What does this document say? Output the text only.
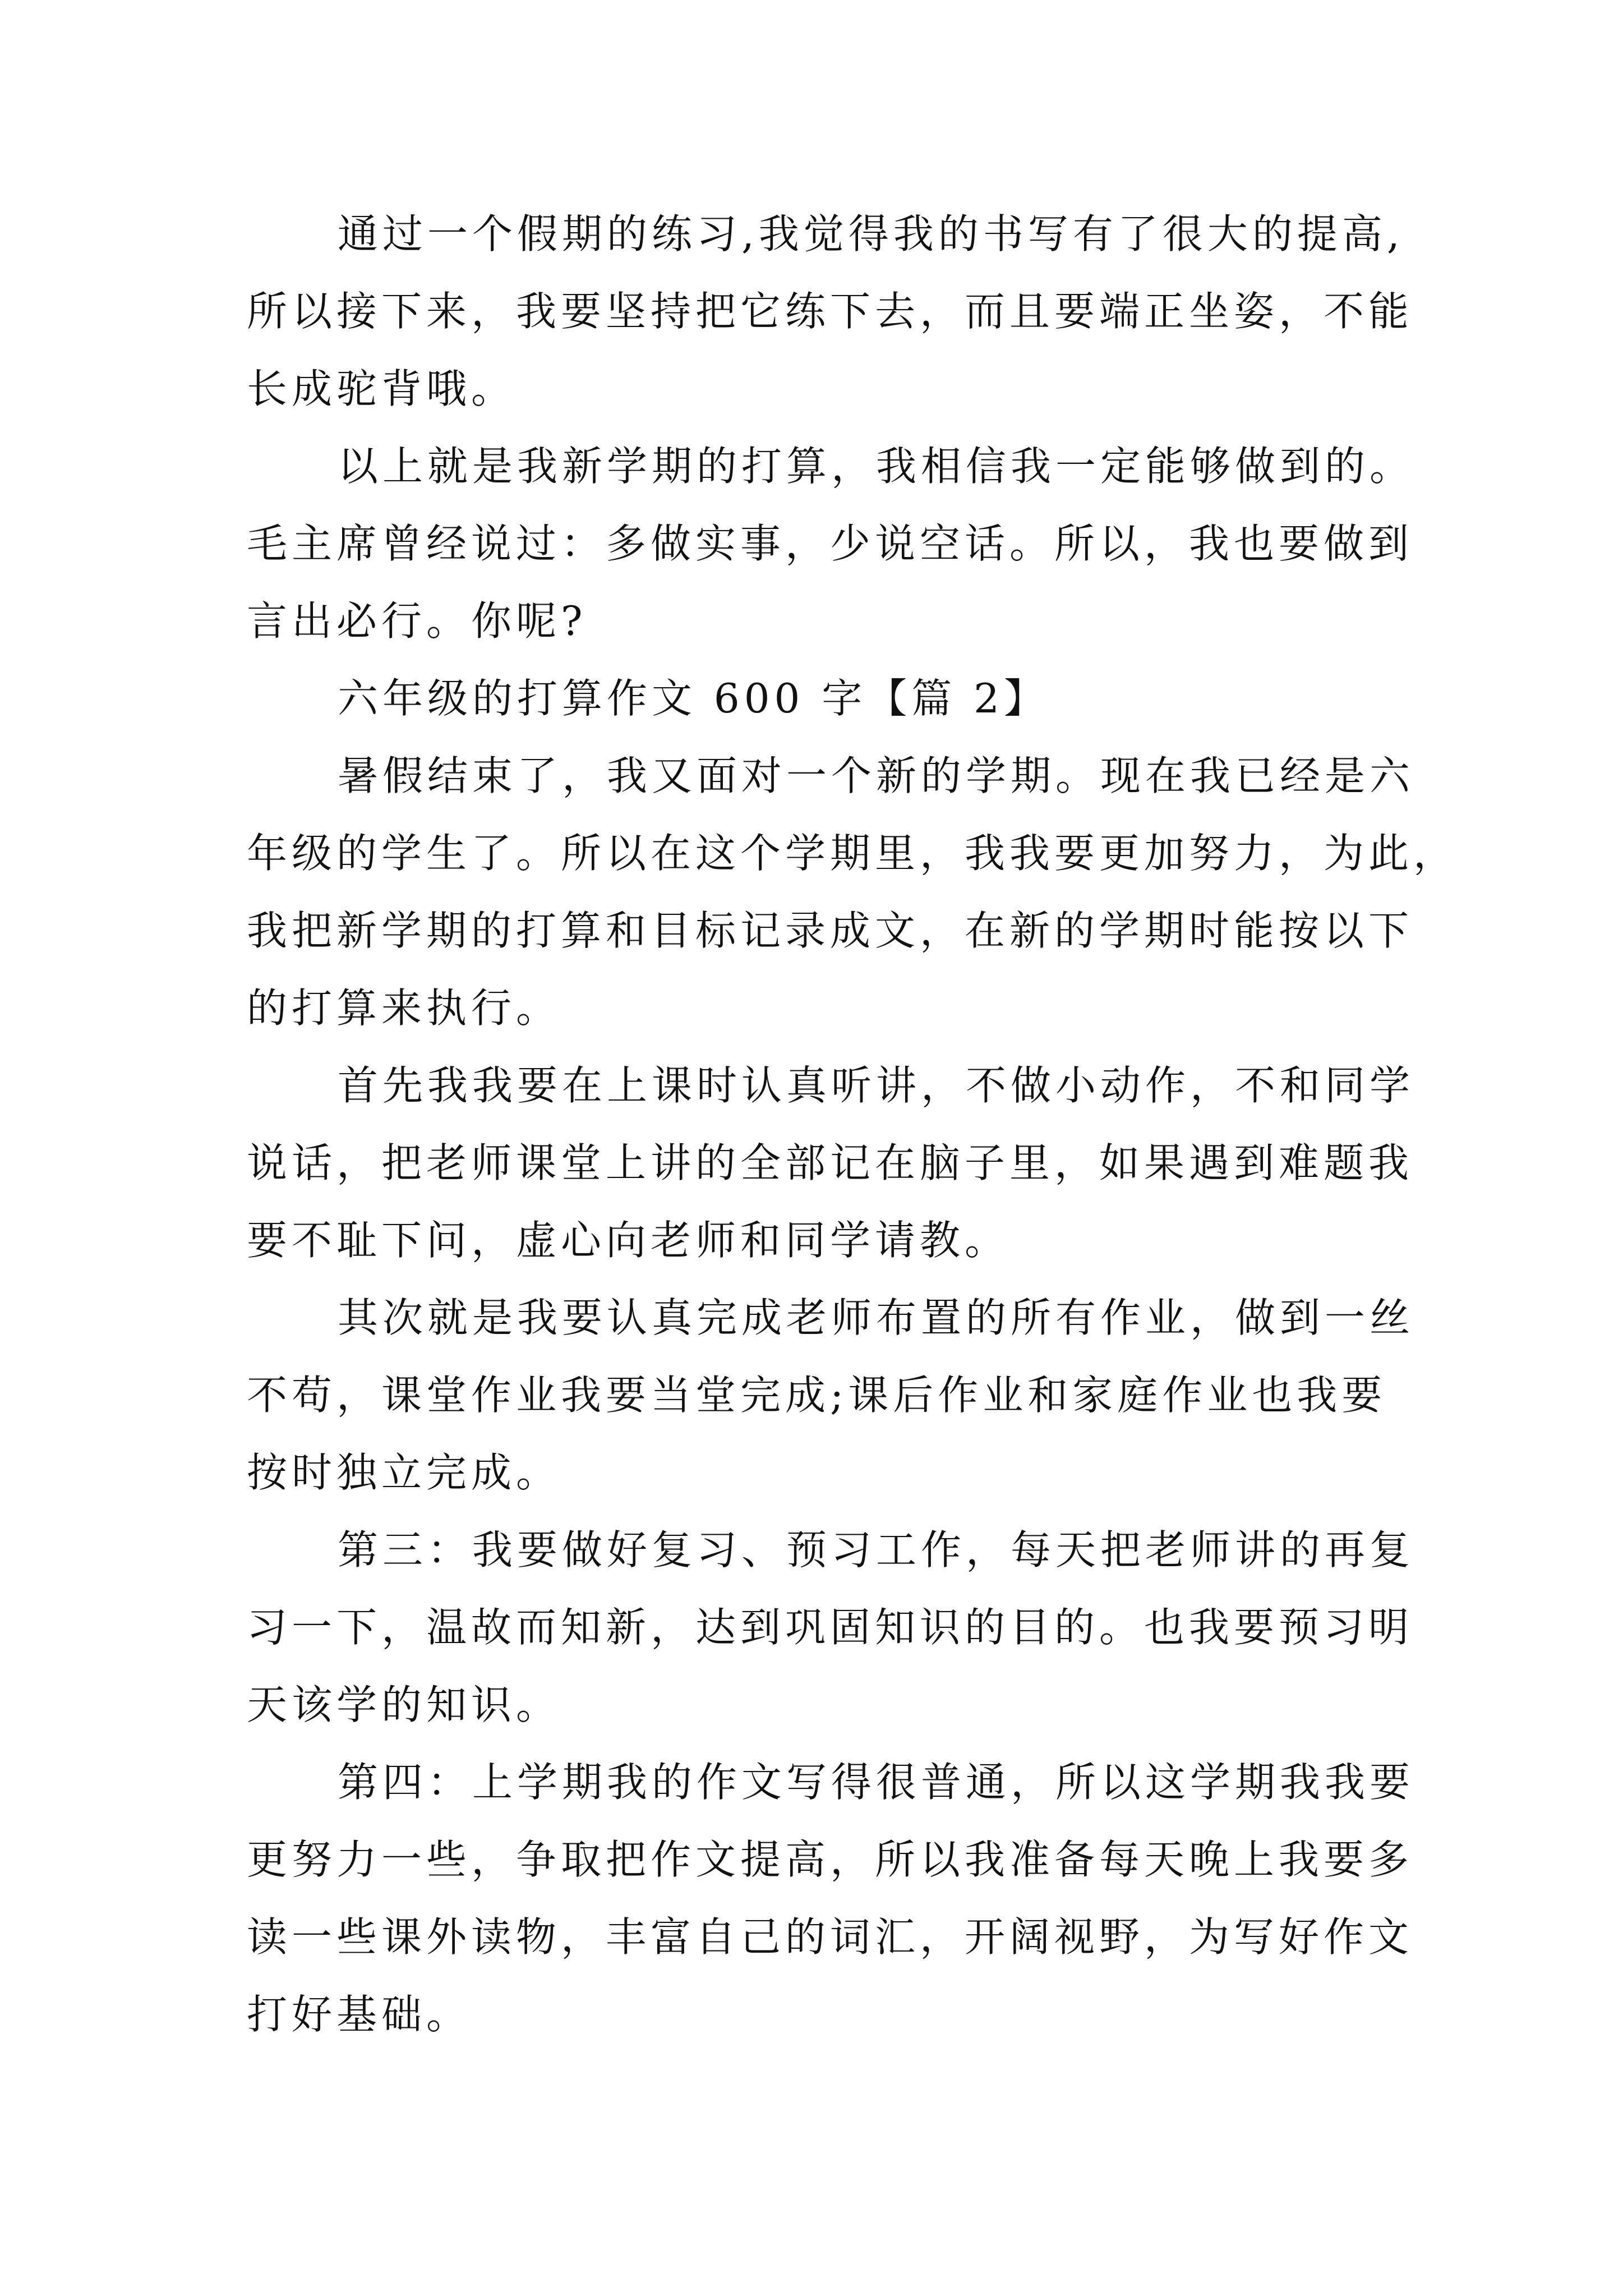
通过一个假期的练习,我觉得我的书写有了很大的提高,
所以接下来，我要坚持把它练下去，而且要端正坐姿，不能
长成驼背哦。
以上就是我新学期的打算，我相信我一定能够做到的。
毛主席曾经说过：多做实事，少说空话。所以，我也要做到
言出必行。你呢?
六年级的打算作文 600 字【篇 2】
暑假结束了，我又面对一个新的学期。现在我已经是六
年级的学生了。所以在这个学期里，我我要更加努力，为此，
我把新学期的打算和目标记录成文，在新的学期时能按以下
的打算来执行。
首先我我要在上课时认真听讲，不做小动作，不和同学
说话，把老师课堂上讲的全部记在脑子里，如果遇到难题我
要不耻下问，虚心向老师和同学请教。
其次就是我要认真完成老师布置的所有作业，做到一丝
不苟，课堂作业我要当堂完成;课后作业和家庭作业也我要
按时独立完成。
第三：我要做好复习、预习工作，每天把老师讲的再复
习一下，温故而知新，达到巩固知识的目的。也我要预习明
天该学的知识。
第四：上学期我的作文写得很普通，所以这学期我我要
更努力一些，争取把作文提高，所以我准备每天晚上我要多
读一些课外读物，丰富自己的词汇，开阔视野，为写好作文
打好基础。
